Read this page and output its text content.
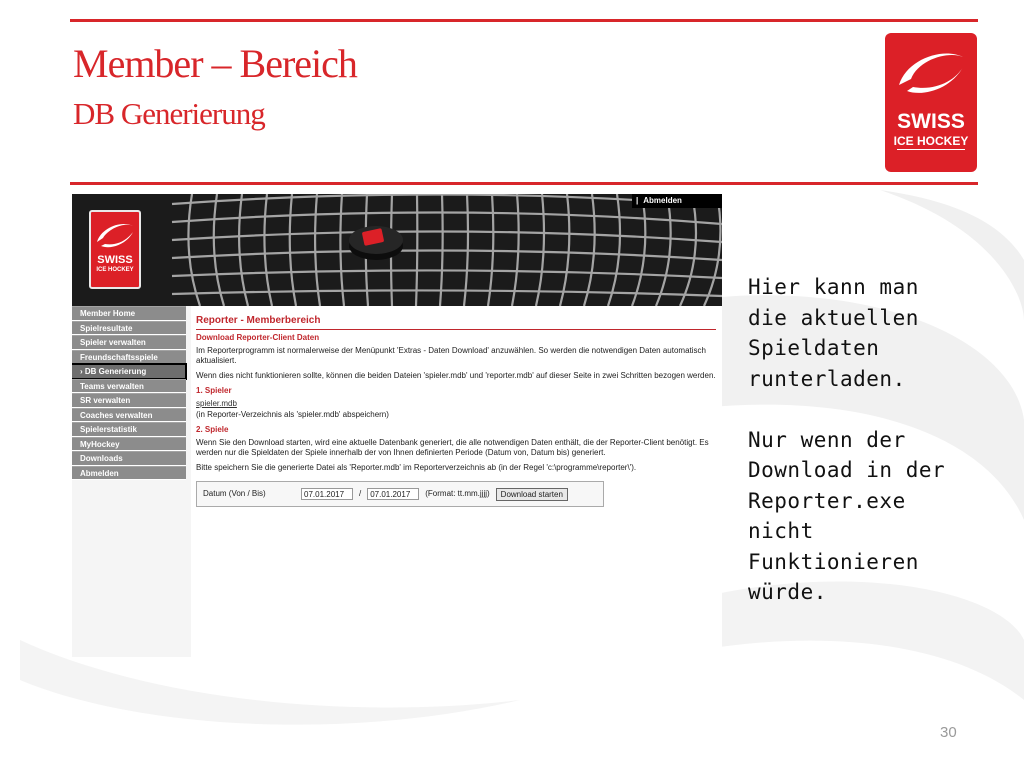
Member – Bereich
DB Generierung	SWISS
ICE HOCKEY
SWISS
ICE HOCKEY
| Abmelden
Member Home
Spielresultate
Spieler verwalten
Freundschaftsspiele
› DB Generierung
Teams verwalten
SR verwalten
Coaches verwalten
Spielerstatistik
MyHockey
Downloads
Abmelden
Reporter - Memberbereich
Download Reporter-Client Daten

Im Reporterprogramm ist normalerweise der Menüpunkt 'Extras - Daten Download' anzuwählen. So werden die notwendigen Daten automatisch aktualisiert.

Wenn dies nicht funktionieren sollte, können die beiden Dateien 'spieler.mdb' und 'reporter.mdb' auf dieser Seite in zwei Schritten bezogen werden.

1. Spieler

spieler.mdb

(in Reporter-Verzeichnis als 'spieler.mdb' abspeichern)

2. Spiele

Wenn Sie den Download starten, wird eine aktuelle Datenbank generiert, die alle notwendigen Daten enthält, die der Reporter-Client benötigt. Es werden nur die Spieldaten der Spiele innerhalb der von Ihnen definierten Periode (Datum von, Datum bis) generiert.

Bitte speichern Sie die generierte Datei als 'Reporter.mdb' im Reporterverzeichnis ab (in der Regel 'c:\programme\reporter\').

Datum (Von / Bis)	07.01.2017	/	07.01.2017	(Format: tt.mm.jjjj)	Download starten
Hier kann man
die aktuellen
Spieldaten
runterladen.

Nur wenn der
Download in der
Reporter.exe
nicht
Funktionieren
würde.
30
